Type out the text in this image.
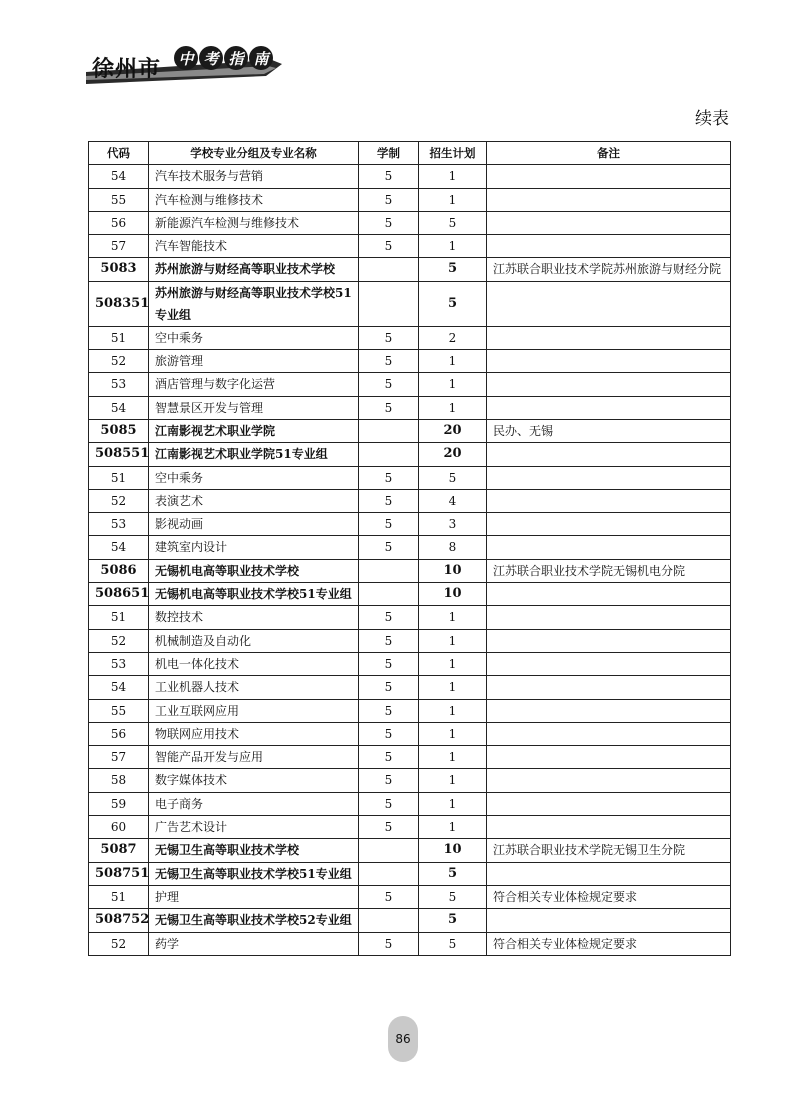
徐州市 中 考 指 南
续表
代码	学校专业分组及专业名称	学制	招生计划	备注
54	汽车技术服务与营销	5	1	
55	汽车检测与维修技术	5	1	
56	新能源汽车检测与维修技术	5	5	
57	汽车智能技术	5	1	
5083	苏州旅游与财经高等职业技术学校		5	江苏联合职业技术学院苏州旅游与财经分院
508351	苏州旅游与财经高等职业技术学校51专业组		5	
51	空中乘务	5	2	
52	旅游管理	5	1	
53	酒店管理与数字化运营	5	1	
54	智慧景区开发与管理	5	1	
5085	江南影视艺术职业学院		20	民办、无锡
508551	江南影视艺术职业学院51专业组		20	
51	空中乘务	5	5	
52	表演艺术	5	4	
53	影视动画	5	3	
54	建筑室内设计	5	8	
5086	无锡机电高等职业技术学校		10	江苏联合职业技术学院无锡机电分院
508651	无锡机电高等职业技术学校51专业组		10	
51	数控技术	5	1	
52	机械制造及自动化	5	1	
53	机电一体化技术	5	1	
54	工业机器人技术	5	1	
55	工业互联网应用	5	1	
56	物联网应用技术	5	1	
57	智能产品开发与应用	5	1	
58	数字媒体技术	5	1	
59	电子商务	5	1	
60	广告艺术设计	5	1	
5087	无锡卫生高等职业技术学校		10	江苏联合职业技术学院无锡卫生分院
508751	无锡卫生高等职业技术学校51专业组		5	
51	护理	5	5	符合相关专业体检规定要求
508752	无锡卫生高等职业技术学校52专业组		5	
52	药学	5	5	符合相关专业体检规定要求
86
